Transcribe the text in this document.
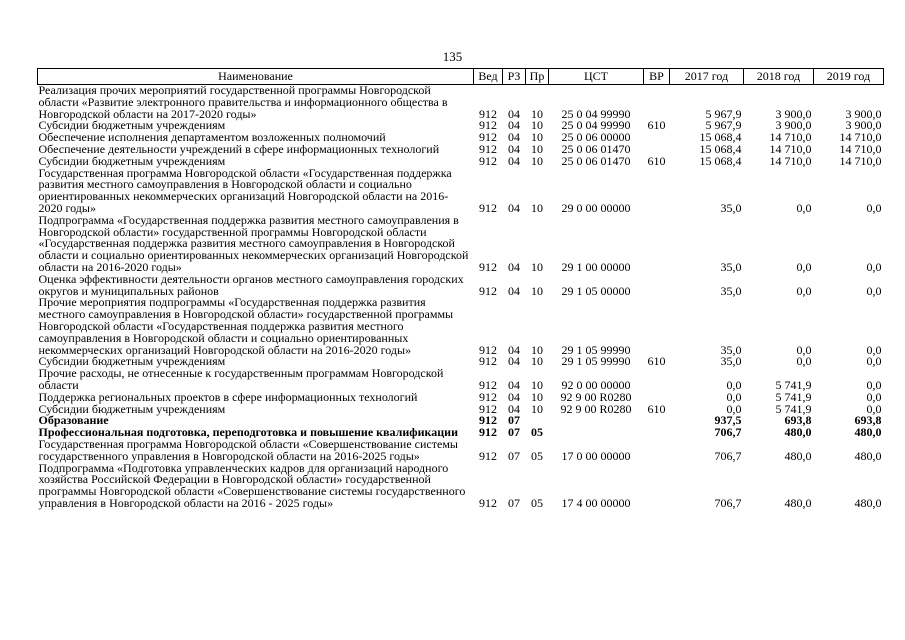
135
Наименование	Вед	РЗ	Пр	ЦСТ	ВР	2017 год	2018 год	2019 год
Реализация прочих мероприятий государственной программы Новгородской области «Развитие электронного правительства и информационного общества в Новгородской области на 2017-2020 годы»	912	04	10	25 0 04 99990		5 967,9	3 900,0	3 900,0
Субсидии бюджетным учреждениям	912	04	10	25 0 04 99990	610	5 967,9	3 900,0	3 900,0
Обеспечение исполнения департаментом возложенных полномочий	912	04	10	25 0 06 00000		15 068,4	14 710,0	14 710,0
Обеспечение деятельности учреждений в сфере информационных технологий	912	04	10	25 0 06 01470		15 068,4	14 710,0	14 710,0
Субсидии бюджетным учреждениям	912	04	10	25 0 06 01470	610	15 068,4	14 710,0	14 710,0
Государственная программа Новгородской области «Государственная поддержка развития местного самоуправления в Новгородской области и социально ориентированных некоммерческих организаций Новгородской области на 2016-2020 годы»	912	04	10	29 0 00 00000		35,0	0,0	0,0
Подпрограмма «Государственная поддержка развития местного самоуправления в Новгородской области» государственной программы Новгородской области «Государственная поддержка развития местного самоуправления в Новгородской области и социально ориентированных некоммерческих организаций Новгородской области на 2016-2020 годы»	912	04	10	29 1 00 00000		35,0	0,0	0,0
Оценка эффективности деятельности органов местного самоуправления городских округов и муниципальных районов	912	04	10	29 1 05 00000		35,0	0,0	0,0
Прочие мероприятия подпрограммы «Государственная поддержка развития местного самоуправления в Новгородской области» государственной программы Новгородской области «Государственная поддержка развития местного самоуправления в Новгородской области и социально ориентированных некоммерческих организаций Новгородской области на 2016-2020 годы»	912	04	10	29 1 05 99990		35,0	0,0	0,0
Субсидии бюджетным учреждениям	912	04	10	29 1 05 99990	610	35,0	0,0	0,0
Прочие расходы, не отнесенные к государственным программам Новгородской области	912	04	10	92 0 00 00000		0,0	5 741,9	0,0
Поддержка региональных проектов в сфере информационных технологий	912	04	10	92 9 00 R0280		0,0	5 741,9	0,0
Субсидии бюджетным учреждениям	912	04	10	92 9 00 R0280	610	0,0	5 741,9	0,0
Образование	912	07				937,5	693,8	693,8
Профессиональная подготовка, переподготовка и повышение квалификации	912	07	05			706,7	480,0	480,0
Государственная программа Новгородской области «Совершенствование системы государственного управления в Новгородской области на 2016-2025 годы»	912	07	05	17 0 00 00000		706,7	480,0	480,0
Подпрограмма «Подготовка управленческих кадров для организаций народного хозяйства Российской Федерации в Новгородской области» государственной программы Новгородской области «Совершенствование системы государственного управления в Новгородской области на 2016 - 2025 годы»	912	07	05	17 4 00 00000		706,7	480,0	480,0
